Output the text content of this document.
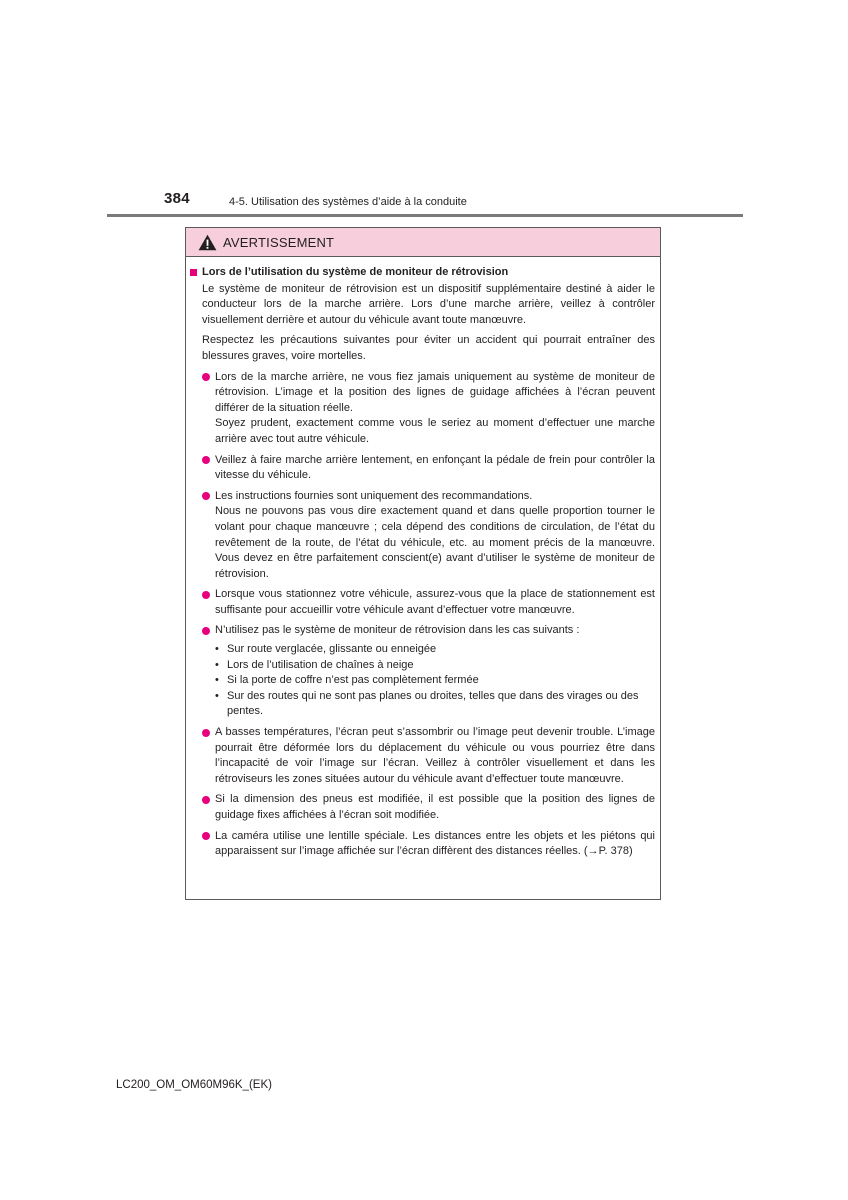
384	4-5. Utilisation des systèmes d’aide à la conduite
AVERTISSEMENT
Lors de l’utilisation du système de moniteur de rétrovision
Le système de moniteur de rétrovision est un dispositif supplémentaire destiné à aider le conducteur lors de la marche arrière. Lors d’une marche arrière, veillez à contrôler visuellement derrière et autour du véhicule avant toute manœuvre.
Respectez les précautions suivantes pour éviter un accident qui pourrait entraîner des blessures graves, voire mortelles.
Lors de la marche arrière, ne vous fiez jamais uniquement au système de moniteur de rétrovision. L’image et la position des lignes de guidage affichées à l’écran peuvent différer de la situation réelle.
Soyez prudent, exactement comme vous le seriez au moment d’effectuer une marche arrière avec tout autre véhicule.
Veillez à faire marche arrière lentement, en enfonçant la pédale de frein pour contrôler la vitesse du véhicule.
Les instructions fournies sont uniquement des recommandations.
Nous ne pouvons pas vous dire exactement quand et dans quelle proportion tourner le volant pour chaque manœuvre ; cela dépend des conditions de circulation, de l’état du revêtement de la route, de l’état du véhicule, etc. au moment précis de la manœuvre. Vous devez en être parfaitement conscient(e) avant d’utiliser le système de moniteur de rétrovision.
Lorsque vous stationnez votre véhicule, assurez-vous que la place de stationnement est suffisante pour accueillir votre véhicule avant d’effectuer votre manœuvre.
N’utilisez pas le système de moniteur de rétrovision dans les cas suivants :
• Sur route verglacée, glissante ou enneigée
• Lors de l’utilisation de chaînes à neige
• Si la porte de coffre n’est pas complètement fermée
• Sur des routes qui ne sont pas planes ou droites, telles que dans des virages ou des pentes.
A basses températures, l’écran peut s’assombrir ou l’image peut devenir trouble. L’image pourrait être déformée lors du déplacement du véhicule ou vous pourriez être dans l’incapacité de voir l’image sur l’écran. Veillez à contrôler visuellement et dans les rétroviseurs les zones situées autour du véhicule avant d’effectuer toute manœuvre.
Si la dimension des pneus est modifiée, il est possible que la position des lignes de guidage fixes affichées à l’écran soit modifiée.
La caméra utilise une lentille spéciale. Les distances entre les objets et les piétons qui apparaissent sur l’image affichée sur l’écran diffèrent des distances réelles. (→P. 378)
LC200_OM_OM60M96K_(EK)
